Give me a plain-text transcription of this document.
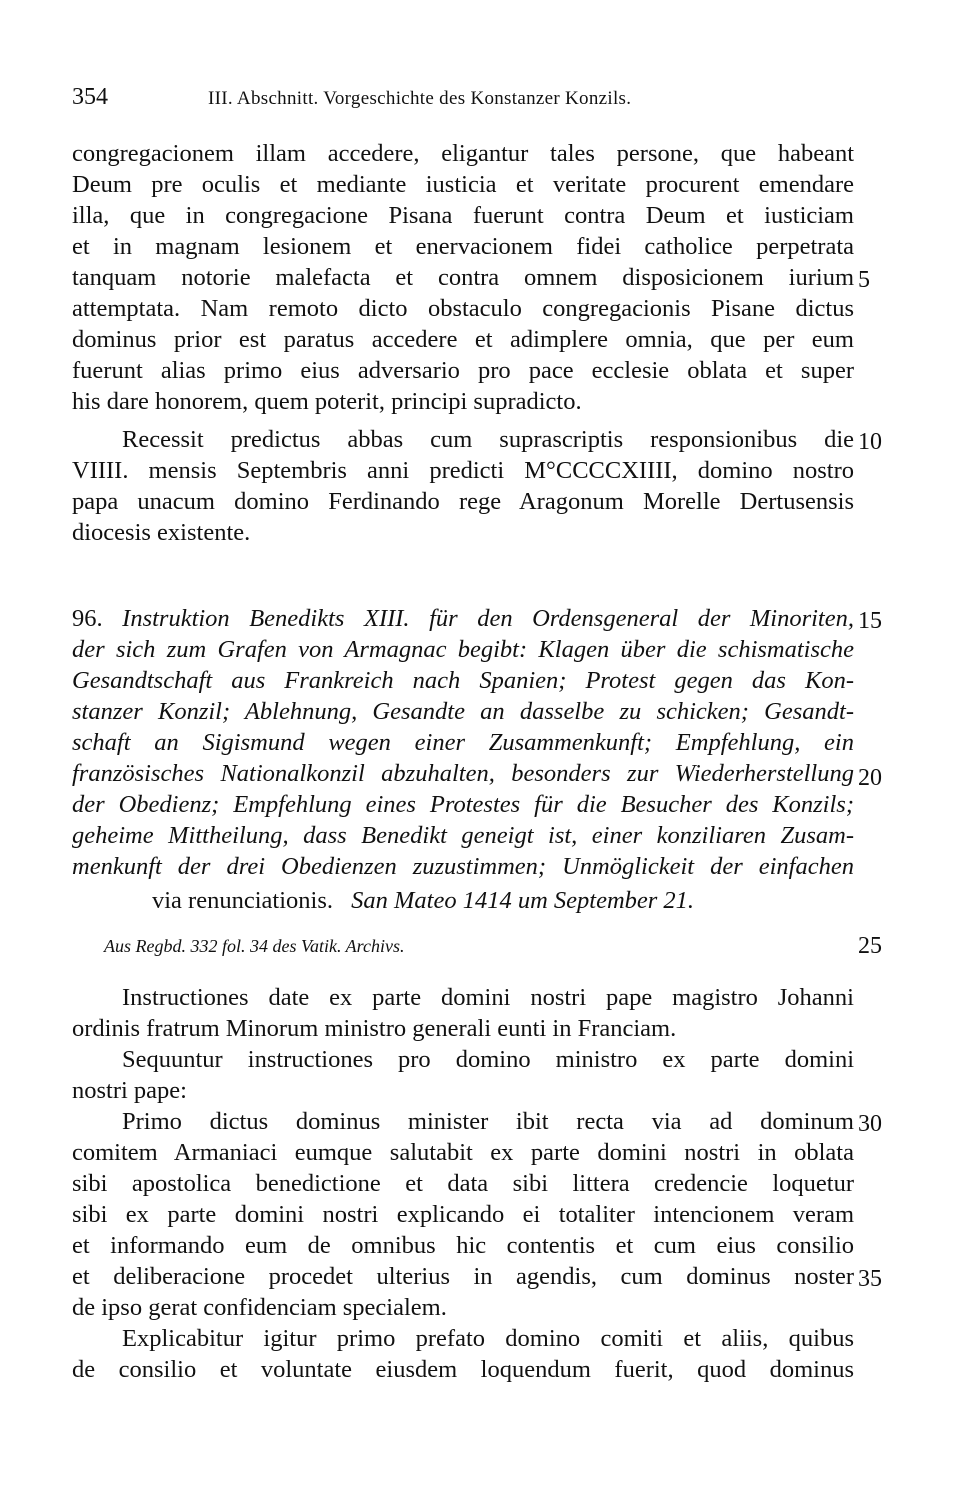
354	III. Abschnitt. Vorgeschichte des Konstanzer Konzils.
congregacionem illam accedere, eligantur tales persone, que habeant
Deum pre oculis et mediante iusticia et veritate procurent emendare
illa, que in congregacione Pisana fuerunt contra Deum et iusticiam
et in magnam lesionem et enervacionem fidei catholice perpetrata
tanquam notorie malefacta et contra omnem disposicionem iurium
attemptata. Nam remoto dicto obstaculo congregacionis Pisane dictus
dominus prior est paratus accedere et adimplere omnia, que per eum
fuerunt alias primo eius adversario pro pace ecclesie oblata et super
his dare honorem, quem poterit, principi supradicto.
Recessit predictus abbas cum suprascriptis responsionibus die
VIIII. mensis Septembris anni predicti M°CCCCXIIII, domino nostro
papa unacum domino Ferdinando rege Aragonum Morelle Dertusensis
diocesis existente.
96. Instruktion Benedikts XIII. für den Ordensgeneral der Minoriten,
der sich zum Grafen von Armagnac begibt: Klagen über die schismatische
Gesandtschaft aus Frankreich nach Spanien; Protest gegen das Kon-
stanzer Konzil; Ablehnung, Gesandte an dasselbe zu schicken; Gesandt-
schaft an Sigismund wegen einer Zusammenkunft; Empfehlung, ein
französisches Nationalkonzil abzuhalten, besonders zur Wiederherstellung
der Obedienz; Empfehlung eines Protestes für die Besucher des Konzils;
geheime Mittheilung, dass Benedikt geneigt ist, einer konziliaren Zusam-
menkunft der drei Obedienzen zuzustimmen; Unmöglickeit der einfachen
via renunciationis. San Mateo 1414 um September 21.
Aus Regbd. 332 fol. 34 des Vatik. Archivs.
Instructiones date ex parte domini nostri pape magistro Johanni
ordinis fratrum Minorum ministro generali eunti in Franciam.
Sequuntur instructiones pro domino ministro ex parte domini
nostri pape:
Primo dictus dominus minister ibit recta via ad dominum
comitem Armaniaci eumque salutabit ex parte domini nostri in oblata
sibi apostolica benedictione et data sibi littera credencie loquetur
sibi ex parte domini nostri explicando ei totaliter intencionem veram
et informando eum de omnibus hic contentis et cum eius consilio
et deliberacione procedet ulterius in agendis, cum dominus noster
de ipso gerat confidenciam specialem.
Explicabitur igitur primo prefato domino comiti et aliis, quibus
de consilio et voluntate eiusdem loquendum fuerit, quod dominus
5
10
15
20
25
30
35
